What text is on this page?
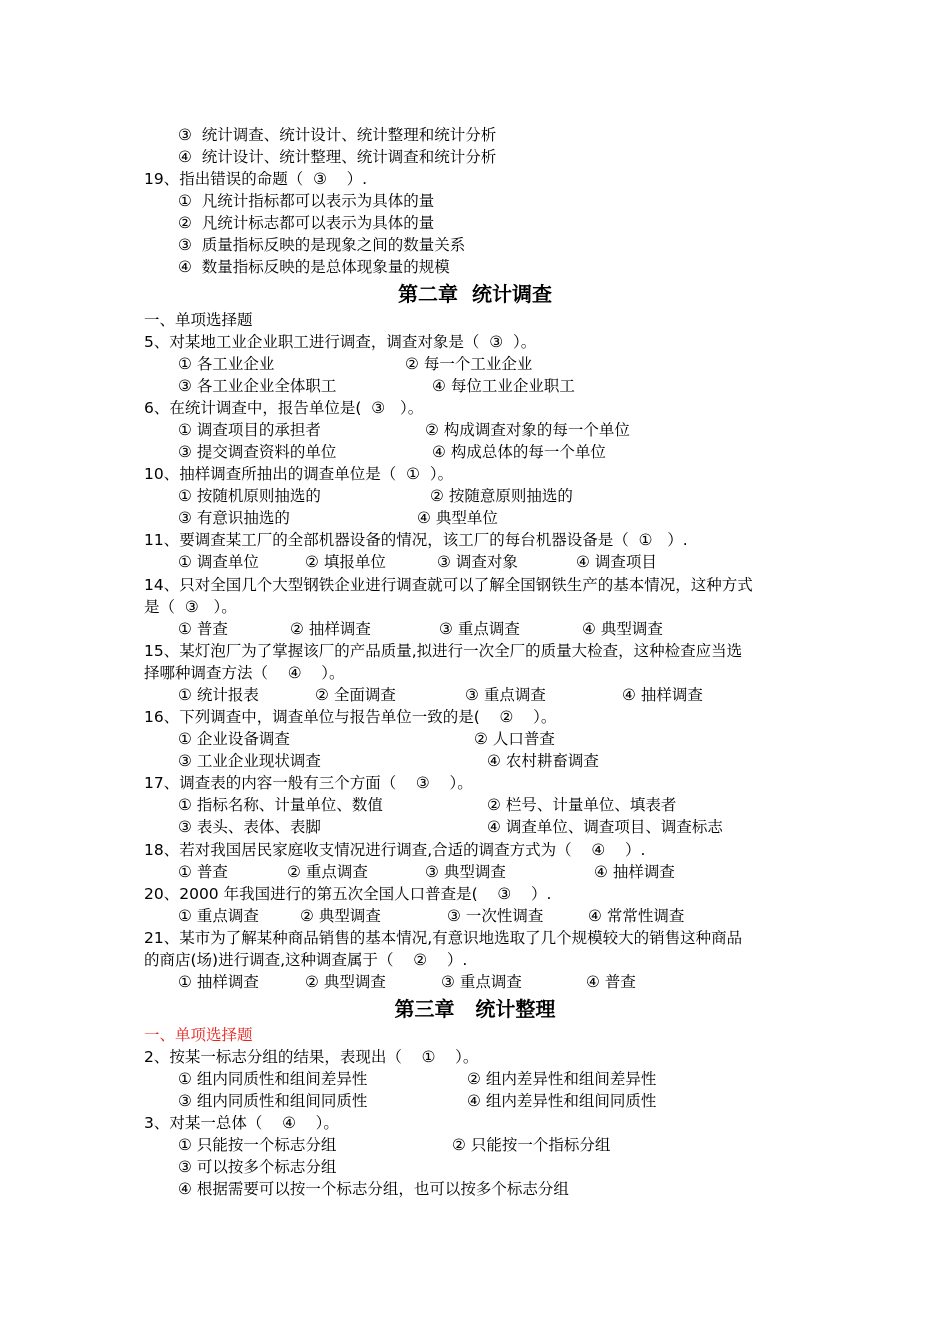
③  统计调查、统计设计、统计整理和统计分析
④  统计设计、统计整理、统计调查和统计分析
19、指出错误的命题（  ③    ）.
①  凡统计指标都可以表示为具体的量
②  凡统计标志都可以表示为具体的量
③  质量指标反映的是现象之间的数量关系
④  数量指标反映的是总体现象量的规模
第二章  统计调查
一、单项选择题
5、对某地工业企业职工进行调查，调查对象是（  ③  ）。
① 各工业企业	② 每一个工业企业
③ 各工业企业全体职工	④ 每位工业企业职工
6、在统计调查中，报告单位是(  ③   ）。
① 调查项目的承担者	② 构成调查对象的每一个单位
③ 提交调查资料的单位	④ 构成总体的每一个单位
10、抽样调查所抽出的调查单位是（  ①  ）。
① 按随机原则抽选的	② 按随意原则抽选的
③ 有意识抽选的	④ 典型单位
11、要调查某工厂的全部机器设备的情况，该工厂的每台机器设备是（  ①   ）.
① 调查单位	② 填报单位	③ 调查对象	④ 调查项目
14、只对全国几个大型钢铁企业进行调查就可以了解全国钢铁生产的基本情况，这种方式
是（  ③   ）。
① 普查	② 抽样调查	③ 重点调查	④ 典型调查
15、某灯泡厂为了掌握该厂的产品质量,拟进行一次全厂的质量大检查，这种检查应当选
择哪种调查方法（    ④    ）。
① 统计报表	② 全面调查	③ 重点调查	④ 抽样调查
16、下列调查中，调查单位与报告单位一致的是(    ②    ）。
① 企业设备调查	② 人口普查
③ 工业企业现状调查	④ 农村耕畜调查
17、调查表的内容一般有三个方面（    ③    ）。
① 指标名称、计量单位、数值	② 栏号、计量单位、填表者
③ 表头、表体、表脚	④ 调查单位、调查项目、调查标志
18、若对我国居民家庭收支情况进行调查,合适的调查方式为（    ④    ）.
① 普查	② 重点调查	③ 典型调查	④ 抽样调查
20、2000 年我国进行的第五次全国人口普查是(    ③    ）.
① 重点调查	② 典型调查	③ 一次性调查	④ 常常性调查
21、某市为了解某种商品销售的基本情况,有意识地选取了几个规模较大的销售这种商品
的商店(场)进行调查,这种调查属于（    ②    ）.
① 抽样调查	② 典型调查	③ 重点调查	④ 普查
第三章   统计整理
一、单项选择题
2、按某一标志分组的结果，表现出（    ①    ）。
① 组内同质性和组间差异性	② 组内差异性和组间差异性
③ 组内同质性和组间同质性	④ 组内差异性和组间同质性
3、对某一总体（    ④    ）。
① 只能按一个标志分组	② 只能按一个指标分组
③ 可以按多个标志分组
④ 根据需要可以按一个标志分组，也可以按多个标志分组
